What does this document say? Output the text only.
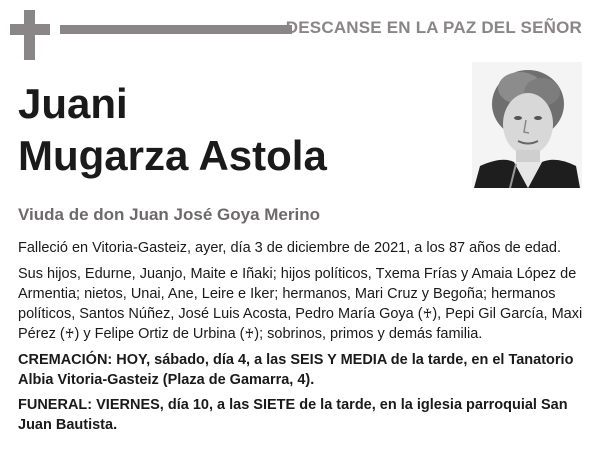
DESCANSE EN LA PAZ DEL SEÑOR
Juani
Mugarza Astola
Viuda de don Juan José Goya Merino

Falleció en Vitoria-Gasteiz, ayer, día 3 de diciembre de 2021, a los 87 años de edad.

Sus hijos, Edurne, Juanjo, Maite e Iñaki; hijos políticos, Txema Frías y Amaia López de Armentia; nietos, Unai, Ane, Leire e Iker; hermanos, Mari Cruz y Begoña; hermanos políticos, Santos Núñez, José Luis Acosta, Pedro María Goya (♰), Pepi Gil García, Maxi Pérez (♰) y Felipe Ortiz de Urbina (♰); sobrinos, primos y demás familia.

CREMACIÓN: HOY, sábado, día 4, a las SEIS Y MEDIA de la tarde, en el Tanatorio Albia Vitoria-Gasteiz (Plaza de Gamarra, 4).

FUNERAL: VIERNES, día 10, a las SIETE de la tarde, en la iglesia parroquial San Juan Bautista.
